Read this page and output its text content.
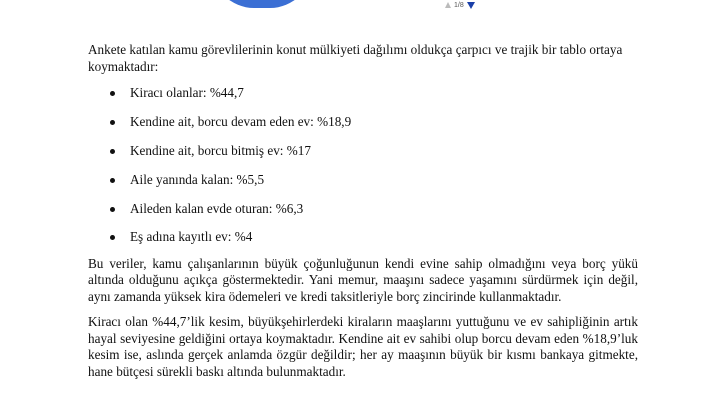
1/8

Ankete katılan kamu görevlilerinin konut mülkiyeti dağılımı oldukça çarpıcı ve trajik bir tablo ortaya koymaktadır:

Kiracı olanlar: %44,7
Kendine ait, borcu devam eden ev: %18,9
Kendine ait, borcu bitmiş ev: %17
Aile yanında kalan: %5,5
Aileden kalan evde oturan: %6,3
Eş adına kayıtlı ev: %4

Bu veriler, kamu çalışanlarının büyük çoğunluğunun kendi evine sahip olmadığını veya borç yükü altında olduğunu açıkça göstermektedir. Yani memur, maaşını sadece yaşamını sürdürmek için değil, aynı zamanda yüksek kira ödemeleri ve kredi taksitleriyle borç zincirinde kullanmaktadır.

Kiracı olan %44,7’lik kesim, büyükşehirlerdeki kiraların maaşlarını yuttuğunu ve ev sahipliğinin artık hayal seviyesine geldiğini ortaya koymaktadır. Kendine ait ev sahibi olup borcu devam eden %18,9’luk kesim ise, aslında gerçek anlamda özgür değildir; her ay maaşının büyük bir kısmı bankaya gitmekte, hane bütçesi sürekli baskı altında bulunmaktadır.
